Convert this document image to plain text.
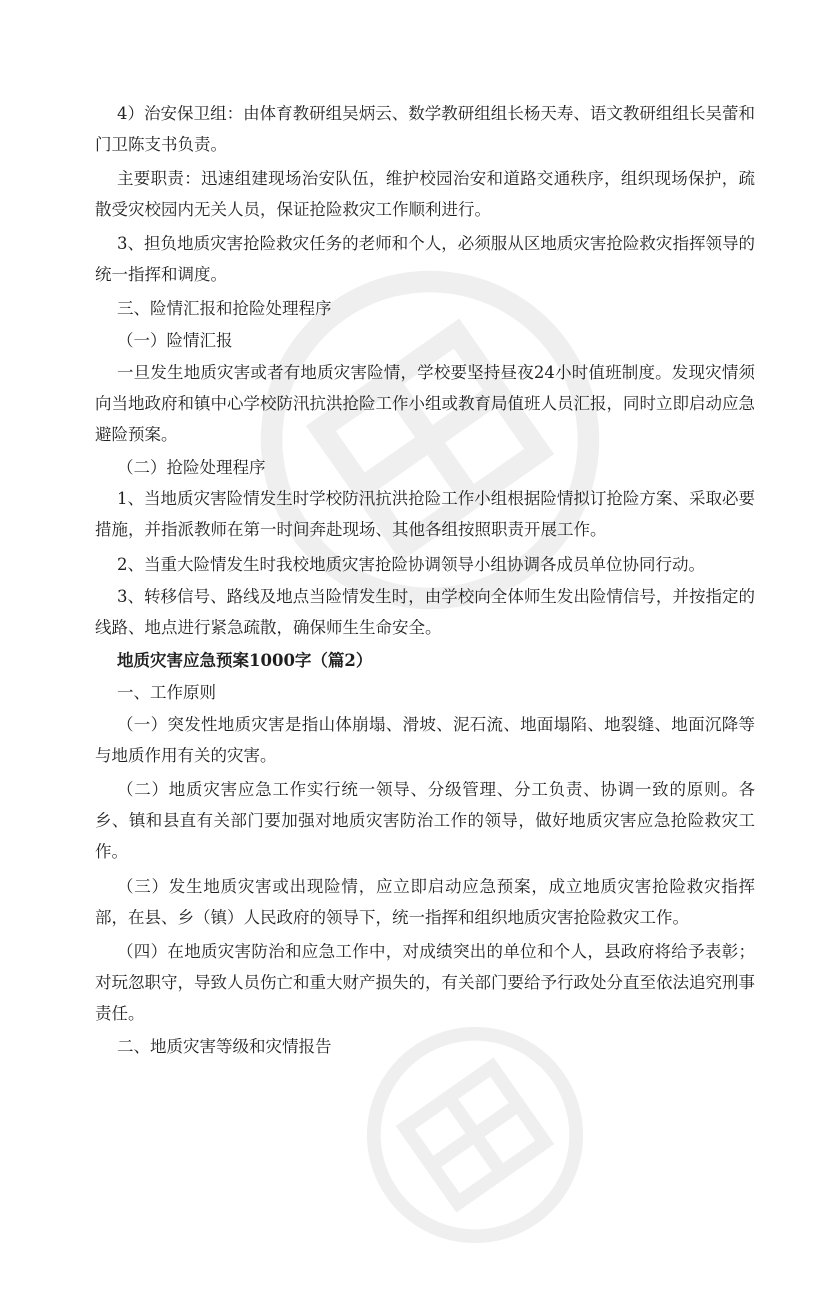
4）治安保卫组：由体育教研组吴炳云、数学教研组组长杨天寿、语文教研组组长吴蕾和门卫陈支书负责。

主要职责：迅速组建现场治安队伍，维护校园治安和道路交通秩序，组织现场保护，疏散受灾校园内无关人员，保证抢险救灾工作顺利进行。

3、担负地质灾害抢险救灾任务的老师和个人，必须服从区地质灾害抢险救灾指挥领导的统一指挥和调度。

三、险情汇报和抢险处理程序

（一）险情汇报

一旦发生地质灾害或者有地质灾害险情，学校要坚持昼夜24小时值班制度。发现灾情须向当地政府和镇中心学校防汛抗洪抢险工作小组或教育局值班人员汇报，同时立即启动应急避险预案。

（二）抢险处理程序

1、当地质灾害险情发生时学校防汛抗洪抢险工作小组根据险情拟订抢险方案、采取必要措施，并指派教师在第一时间奔赴现场、其他各组按照职责开展工作。

2、当重大险情发生时我校地质灾害抢险协调领导小组协调各成员单位协同行动。

3、转移信号、路线及地点当险情发生时，由学校向全体师生发出险情信号，并按指定的线路、地点进行紧急疏散，确保师生生命安全。

地质灾害应急预案1000字（篇2）

一、工作原则

（一）突发性地质灾害是指山体崩塌、滑坡、泥石流、地面塌陷、地裂缝、地面沉降等与地质作用有关的灾害。

（二）地质灾害应急工作实行统一领导、分级管理、分工负责、协调一致的原则。各乡、镇和县直有关部门要加强对地质灾害防治工作的领导，做好地质灾害应急抢险救灾工作。

（三）发生地质灾害或出现险情，应立即启动应急预案，成立地质灾害抢险救灾指挥部，在县、乡（镇）人民政府的领导下，统一指挥和组织地质灾害抢险救灾工作。

（四）在地质灾害防治和应急工作中，对成绩突出的单位和个人，县政府将给予表彰；对玩忽职守，导致人员伤亡和重大财产损失的，有关部门要给予行政处分直至依法追究刑事责任。

二、地质灾害等级和灾情报告
